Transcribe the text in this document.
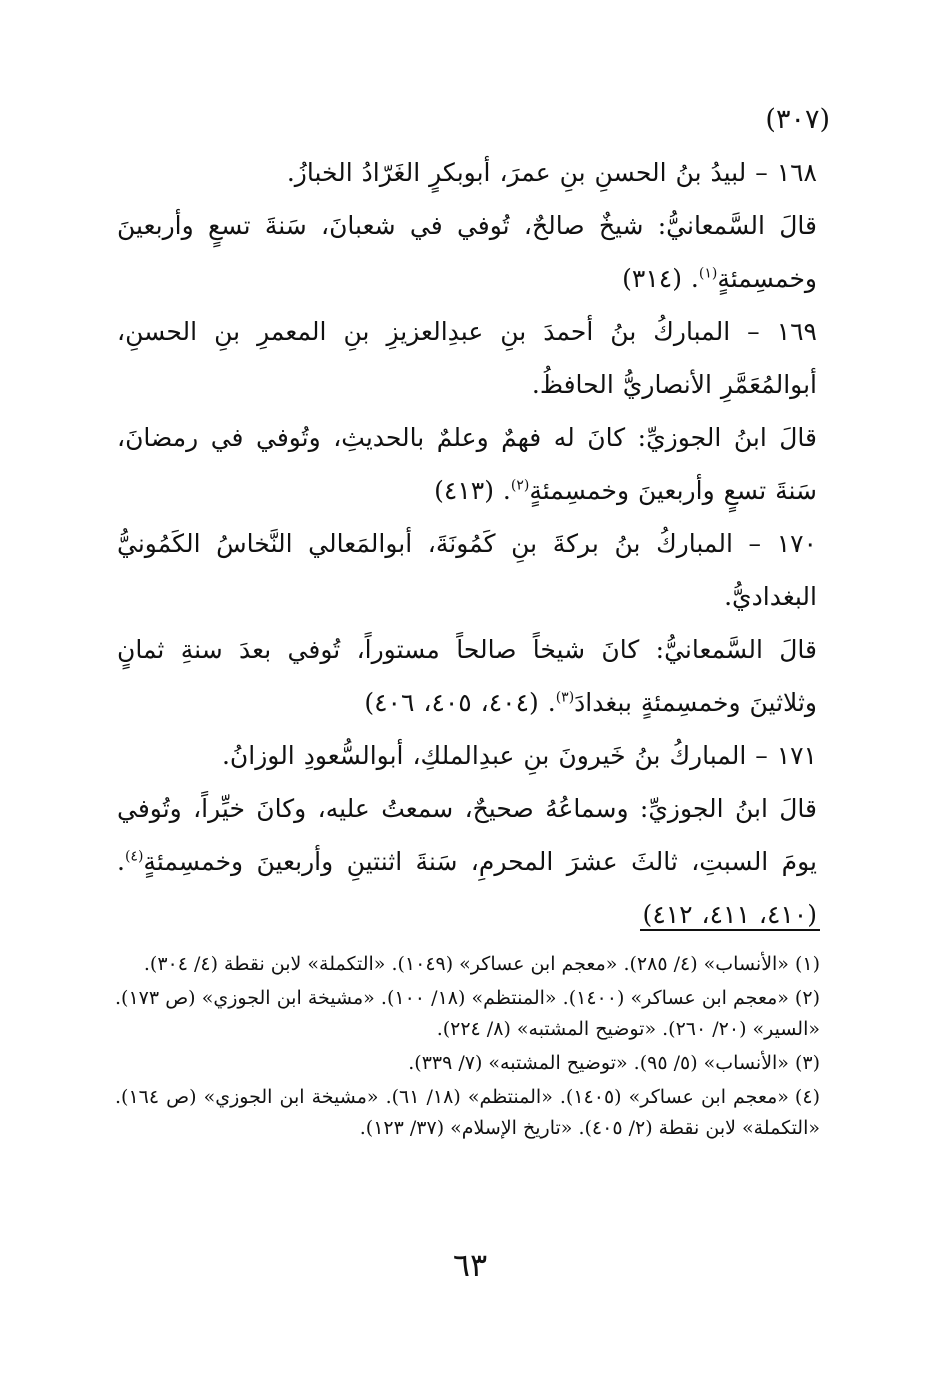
(٣٠٧)

١٦٨ – لبيدُ بنُ الحسنِ بنِ عمرَ، أبوبكرٍ الغَرّادُ الخبازُ.

قالَ السَّمعانيُّ: شيخٌ صالحٌ، تُوفي في شعبانَ، سَنةَ تسعٍ وأربعينَ وخمسِمئةٍ$^{(١)}$. (٣١٤)

١٦٩ – المباركُ بنُ أحمدَ بنِ عبدِالعزيزِ بنِ المعمرِ بنِ الحسنِ، أبوالمُعَمَّرِ الأنصاريُّ الحافظُ.

قالَ ابنُ الجوزيِّ: كانَ له فهمٌ وعلمٌ بالحديثِ، وتُوفي في رمضانَ، سَنةَ تسعٍ وأربعينَ وخمسِمئةٍ$^{(٢)}$. (٤١٣)

١٧٠ – المباركُ بنُ بركةَ بنِ كَمُونَةَ، أبوالمَعالي النَّخاسُ الكَمُونيُّ البغداديُّ.

قالَ السَّمعانيُّ: كانَ شيخاً صالحاً مستوراً، تُوفي بعدَ سنةِ ثمانٍ وثلاثينَ وخمسِمئةٍ ببغدادَ$^{(٣)}$. (٤٠٤، ٤٠٥، ٤٠٦)

١٧١ – المباركُ بنُ خَيرونَ بنِ عبدِالملكِ، أبوالسُّعودِ الوزانُ.

قالَ ابنُ الجوزيِّ: وسماعُهُ صحيحٌ، سمعتُ عليه، وكانَ خيِّراً، وتُوفي يومَ السبتِ، ثالثَ عشرَ المحرمِ، سَنةَ اثنتينِ وأربعينَ وخمسِمئةٍ$^{(٤)}$. (٤١٠، ٤١١، ٤١٢)

(١)«الأنساب» (٤/ ٢٨٥). «معجم ابن عساكر» (١٠٤٩). «التكملة» لابن نقطة (٤/ ٣٠٤).

(٢)«معجم ابن عساكر» (١٤٠٠). «المنتظم» (١٨/ ١٠٠). «مشيخة ابن الجوزي» (ص ١٧٣). «السير» (٢٠/ ٢٦٠). «توضيح المشتبه» (٨/ ٢٢٤).

(٣)«الأنساب» (٥/ ٩٥). «توضيح المشتبه» (٧/ ٣٣٩).

(٤)«معجم ابن عساكر» (١٤٠٥). «المنتظم» (١٨/ ٦١). «مشيخة ابن الجوزي» (ص ١٦٤). «التكملة» لابن نقطة (٢/ ٤٠٥). «تاريخ الإسلام» (٣٧/ ١٢٣).

٦٣
